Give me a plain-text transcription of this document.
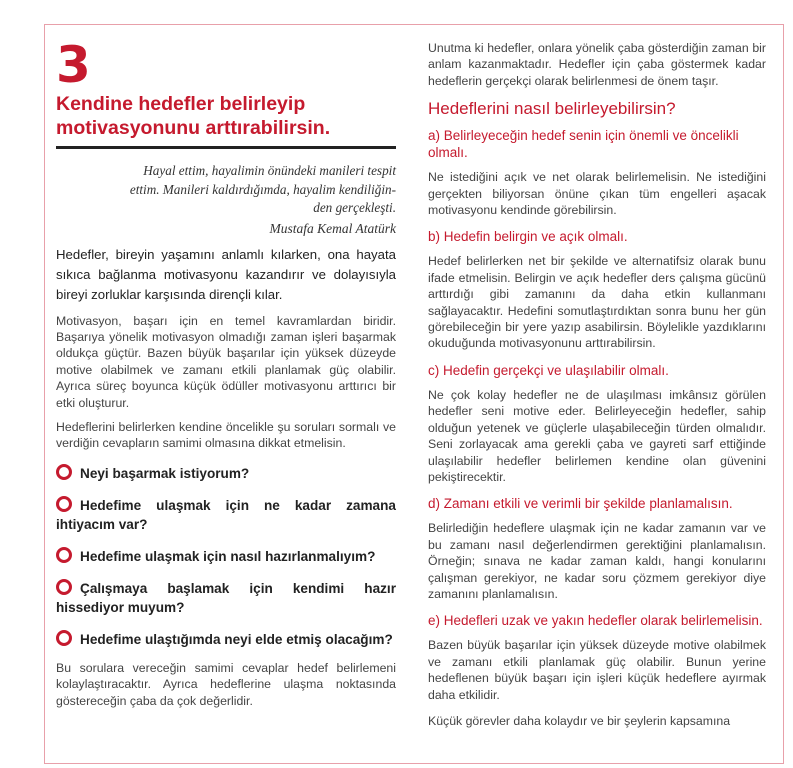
3
Kendine hedefler belirleyip
motivasyonunu arttırabilirsin.
Hayal ettim, hayalimin önündeki manileri tespit
ettim. Manileri kaldırdığımda, hayalim kendiliğin-
den gerçekleşti.
Mustafa Kemal Atatürk
Hedefler, bireyin yaşamını anlamlı kılarken, ona hayata sıkıca bağlanma motivasyonu kazandırır ve dolayısıyla bireyi zorluklar karşısında dirençli kılar.
Motivasyon, başarı için en temel kavramlardan biridir. Başarıya yönelik motivasyon olmadığı zaman işleri başarmak oldukça güçtür. Bazen büyük başarılar için yüksek düzeyde motive olabilmek ve zamanı etkili planlamak güç olabilir. Ayrıca süreç boyunca küçük ödüller motivasyonu arttırıcı bir etki oluşturur.
Hedeflerini belirlerken kendine öncelikle şu soruları sormalı ve verdiğin cevapların samimi olmasına dikkat etmelisin.
Neyi başarmak istiyorum?
Hedefime ulaşmak için ne kadar zamana ihtiyacım var?
Hedefime ulaşmak için nasıl hazırlanmalıyım?
Çalışmaya başlamak için kendimi hazır hissediyor muyum?
Hedefime ulaştığımda neyi elde etmiş olacağım?
Bu sorulara vereceğin samimi cevaplar hedef belirlemeni kolaylaştıracaktır. Ayrıca hedeflerine ulaşma noktasında göstereceğin çaba da çok değerlidir.
Unutma ki hedefler, onlara yönelik çaba gösterdiğin zaman bir anlam kazanmaktadır. Hedefler için çaba göstermek kadar hedeflerin gerçekçi olarak belirlenmesi de önem taşır.
Hedeflerini nasıl belirleyebilirsin?
a) Belirleyeceğin hedef senin için önemli ve öncelikli olmalı.
Ne istediğini açık ve net olarak belirlemelisin. Ne istediğini gerçekten biliyorsan önüne çıkan tüm engelleri aşacak motivasyonu kendinde görebilirsin.
b) Hedefin belirgin ve açık olmalı.
Hedef belirlerken net bir şekilde ve alternatifsiz olarak bunu ifade etmelisin. Belirgin ve açık hedefler ders çalışma gücünü arttırdığı gibi zamanını da daha etkin kullanmanı sağlayacaktır. Hedefini somutlaştırdıktan sonra bunu her gün görebileceğin bir yere yazıp asabilirsin. Böylelikle yazdıklarını okuduğunda motivasyonunu arttırabilirsin.
c) Hedefin gerçekçi ve ulaşılabilir olmalı.
Ne çok kolay hedefler ne de ulaşılması imkânsız görülen hedefler seni motive eder. Belirleyeceğin hedefler, sahip olduğun yetenek ve güçlerle ulaşabileceğin türden olmalıdır. Seni zorlayacak ama gerekli çaba ve gayreti sarf ettiğinde ulaşılabilir hedefler belirlemen kendine olan güvenini pekiştirecektir.
d) Zamanı etkili ve verimli bir şekilde planlamalısın.
Belirlediğin hedeflere ulaşmak için ne kadar zamanın var ve bu zamanı nasıl değerlendirmen gerektiğini planlamalısın. Örneğin; sınava ne kadar zaman kaldı, hangi konularını çalışman gerekiyor, ne kadar soru çözmem gerekiyor diye zamanını planlamalısın.
e) Hedefleri uzak ve yakın hedefler olarak belirlemelisin.
Bazen büyük başarılar için yüksek düzeyde motive olabilmek ve zamanı etkili planlamak güç olabilir. Bunun yerine hedeflenen büyük başarı için işleri küçük hedeflere ayırmak daha etkilidir.
Küçük görevler daha kolaydır ve bir şeylerin kapsamına
